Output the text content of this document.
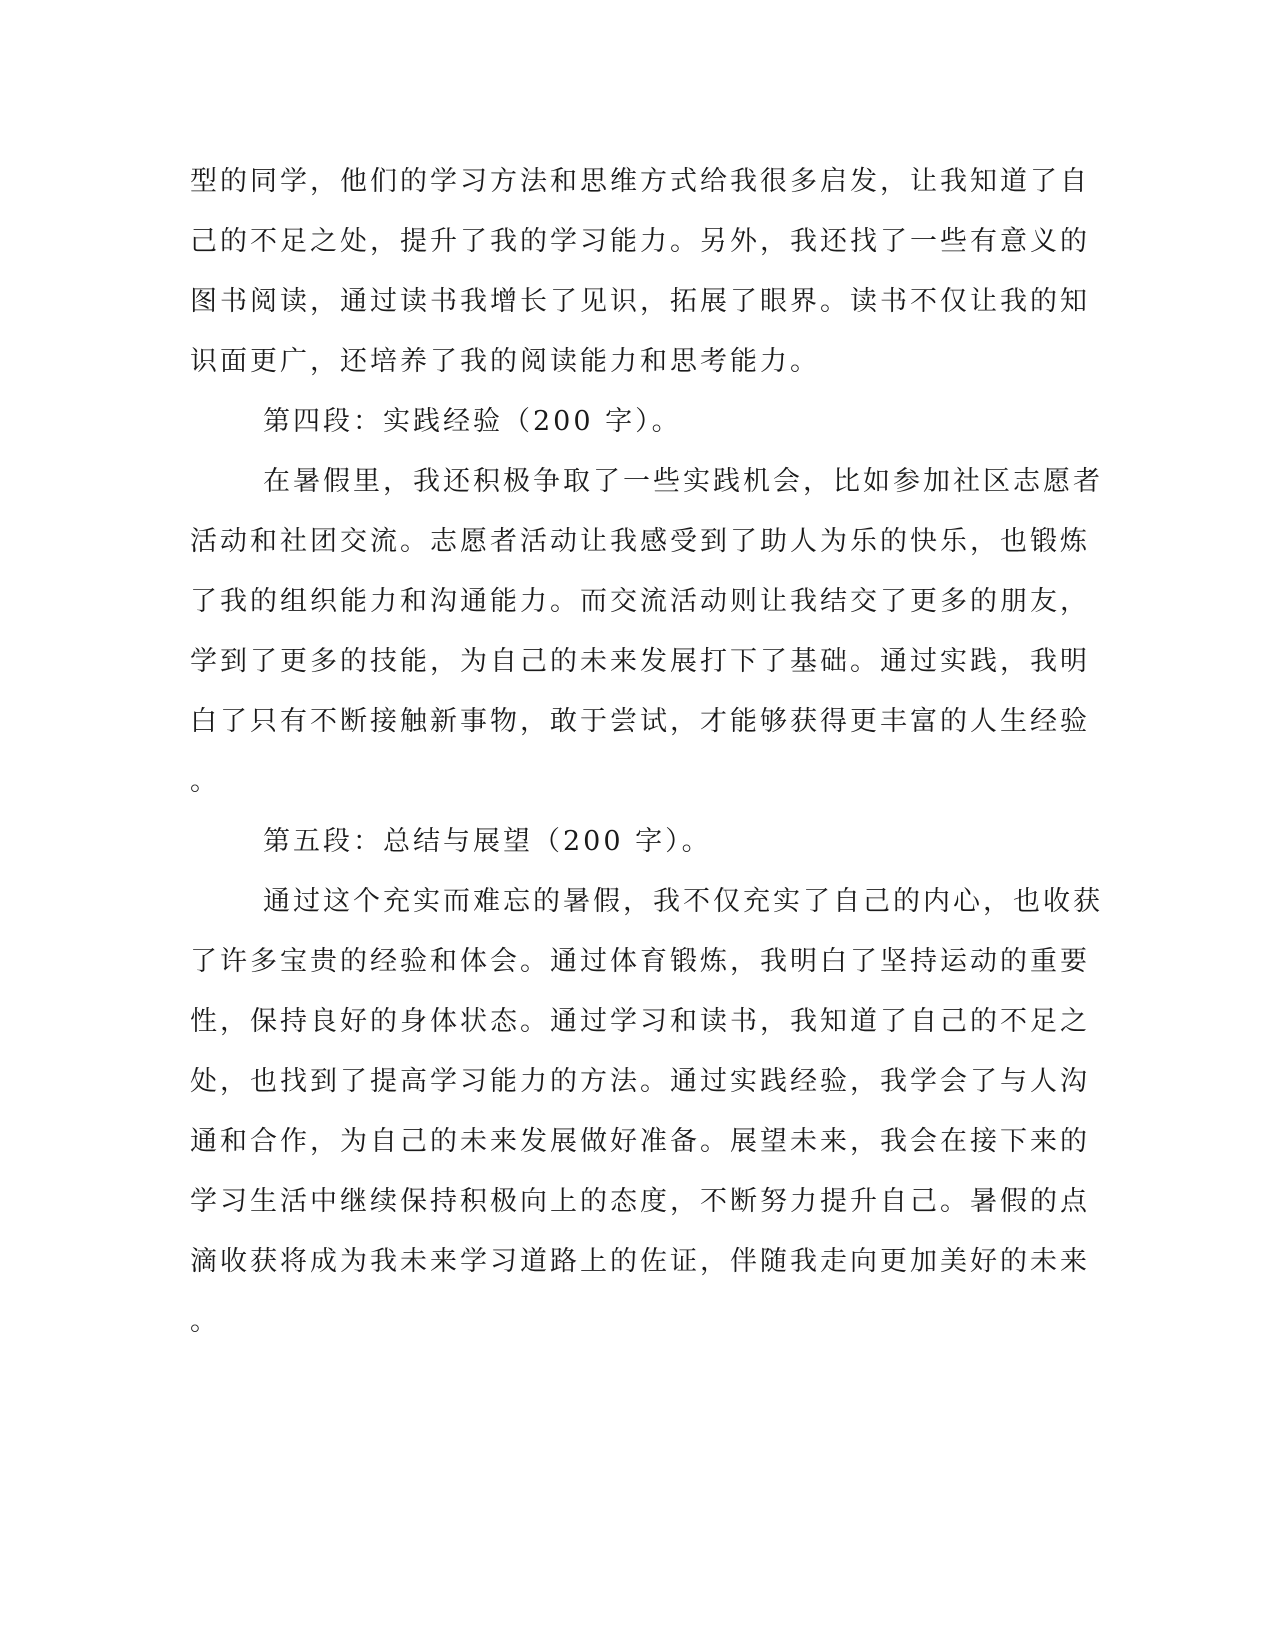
型的同学，他们的学习方法和思维方式给我很多启发，让我知道了自
己的不足之处，提升了我的学习能力。另外，我还找了一些有意义的
图书阅读，通过读书我增长了见识，拓展了眼界。读书不仅让我的知
识面更广，还培养了我的阅读能力和思考能力。
第四段：实践经验（200 字）。
在暑假里，我还积极争取了一些实践机会，比如参加社区志愿者
活动和社团交流。志愿者活动让我感受到了助人为乐的快乐，也锻炼
了我的组织能力和沟通能力。而交流活动则让我结交了更多的朋友，
学到了更多的技能，为自己的未来发展打下了基础。通过实践，我明
白了只有不断接触新事物，敢于尝试，才能够获得更丰富的人生经验
。
第五段：总结与展望（200 字）。
通过这个充实而难忘的暑假，我不仅充实了自己的内心，也收获
了许多宝贵的经验和体会。通过体育锻炼，我明白了坚持运动的重要
性，保持良好的身体状态。通过学习和读书，我知道了自己的不足之
处，也找到了提高学习能力的方法。通过实践经验，我学会了与人沟
通和合作，为自己的未来发展做好准备。展望未来，我会在接下来的
学习生活中继续保持积极向上的态度，不断努力提升自己。暑假的点
滴收获将成为我未来学习道路上的佐证，伴随我走向更加美好的未来
。
